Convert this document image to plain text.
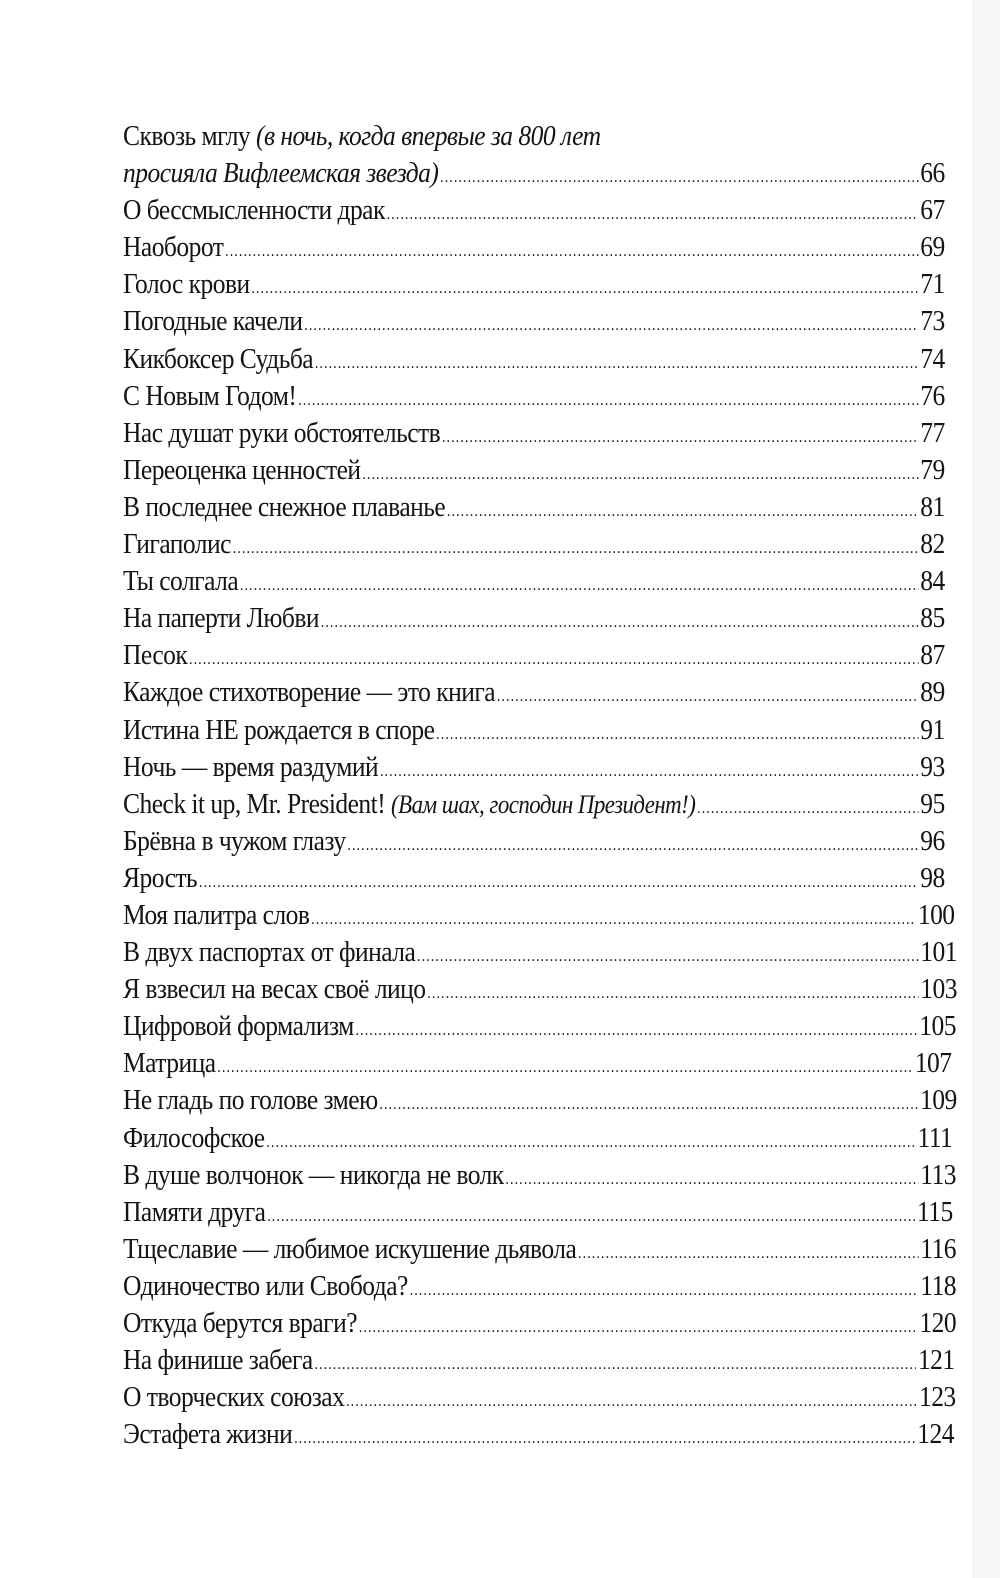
Сквозь мглу (в ночь, когда впервые за 800 лет
просияла Вифлеемская звезда) .....	66
О бессмысленности драк .....	67
Наоборот .....	69
Голос крови .....	71
Погодные качели .....	73
Кикбоксер Судьба .....	74
С Новым Годом! .....	76
Нас душат руки обстоятельств .....	77
Переоценка ценностей .....	79
В последнее снежное плаванье .....	81
Гигаполис .....	82
Ты солгала .....	84
На паперти Любви .....	85
Песок .....	87
Каждое стихотворение — это книга .....	89
Истина НЕ рождается в споре .....	91
Ночь — время раздумий .....	93
Check it up, Mr. President! (Вам шах, господин Президент!) .....	95
Брёвна в чужом глазу .....	96
Ярость .....	98
Моя палитра слов .....	100
В двух паспортах от финала .....	101
Я взвесил на весах своё лицо .....	103
Цифровой формализм .....	105
Матрица .....	107
Не гладь по голове змею .....	109
Философское .....	111
В душе волчонок — никогда не волк .....	113
Памяти друга .....	115
Тщеславие — любимое искушение дьявола .....	116
Одиночество или Свобода? .....	118
Откуда берутся враги? .....	120
На финише забега .....	121
О творческих союзах .....	123
Эстафета жизни .....	124
